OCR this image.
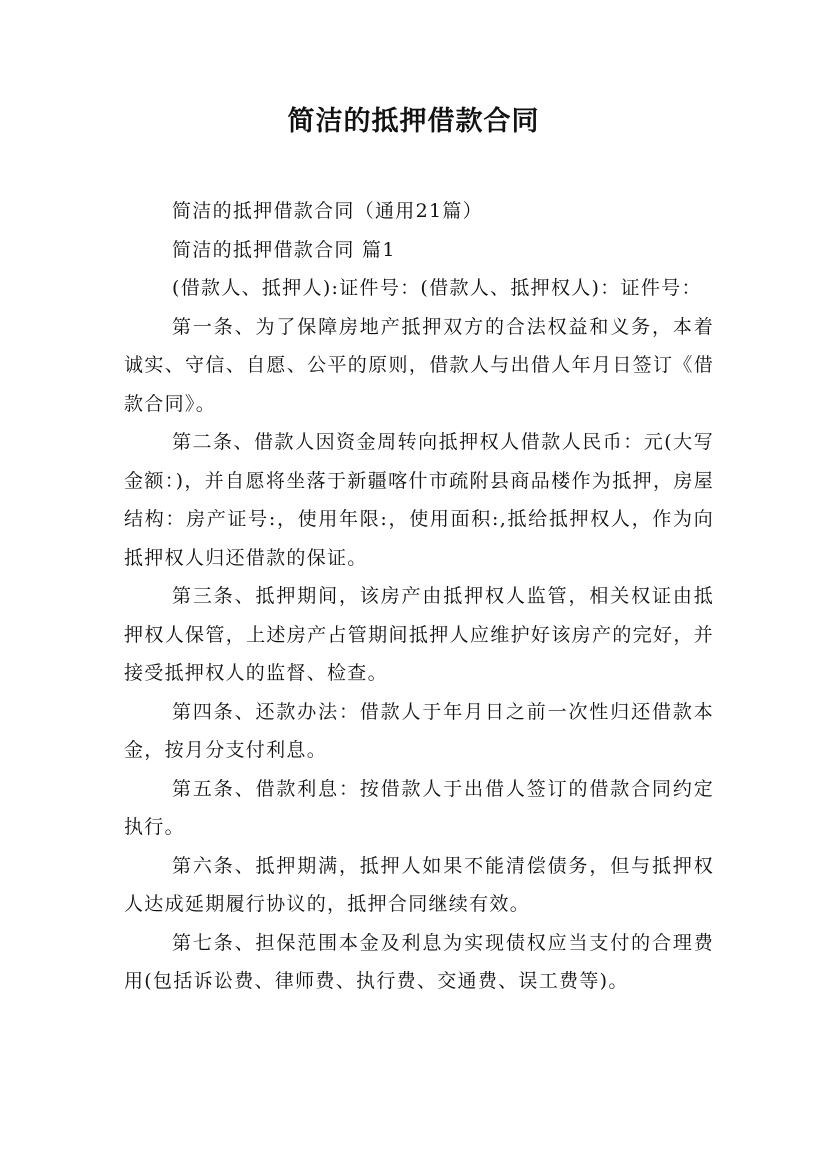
简洁的抵押借款合同

简洁的抵押借款合同（通用21篇）

简洁的抵押借款合同 篇1

(借款人、抵押人):证件号：(借款人、抵押权人)：证件号：

第一条、为了保障房地产抵押双方的合法权益和义务，本着诚实、守信、自愿、公平的原则，借款人与出借人年月日签订《借款合同》。

第二条、借款人因资金周转向抵押权人借款人民币：元(大写金额：)，并自愿将坐落于新疆喀什市疏附县商品楼作为抵押，房屋结构：房产证号:，使用年限:，使用面积:,抵给抵押权人，作为向抵押权人归还借款的保证。

第三条、抵押期间，该房产由抵押权人监管，相关权证由抵押权人保管，上述房产占管期间抵押人应维护好该房产的完好，并接受抵押权人的监督、检查。

第四条、还款办法：借款人于年月日之前一次性归还借款本金，按月分支付利息。

第五条、借款利息：按借款人于出借人签订的借款合同约定执行。

第六条、抵押期满，抵押人如果不能清偿债务，但与抵押权人达成延期履行协议的，抵押合同继续有效。

第七条、担保范围本金及利息为实现债权应当支付的合理费用(包括诉讼费、律师费、执行费、交通费、误工费等)。
